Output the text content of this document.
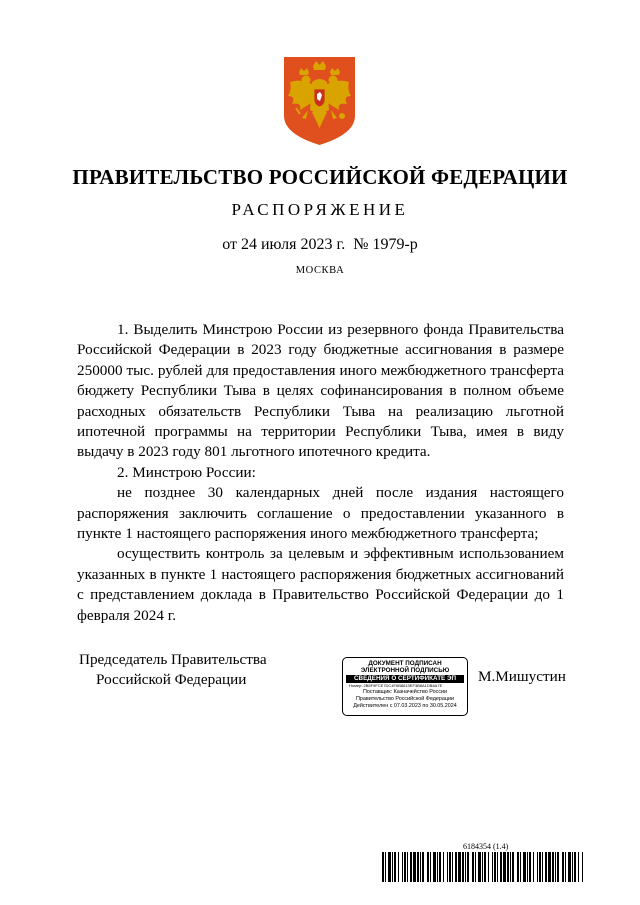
ПРАВИТЕЛЬСТВО РОССИЙСКОЙ ФЕДЕРАЦИИ
РАСПОРЯЖЕНИЕ
от 24 июля 2023 г. № 1979-р
МОСКВА

1. Выделить Минстрою России из резервного фонда Правительства Российской Федерации в 2023 году бюджетные ассигнования в размере 250000 тыс. рублей для предоставления иного межбюджетного трансферта бюджету Республики Тыва в целях софинансирования в полном объеме расходных обязательств Республики Тыва на реализацию льготной ипотечной программы на территории Республики Тыва, имея в виду выдачу в 2023 году 801 льготного ипотечного кредита.

2. Минстрою России:

не позднее 30 календарных дней после издания настоящего распоряжения заключить соглашение о предоставлении указанного в пункте 1 настоящего распоряжения иного межбюджетного трансферта;

осуществить контроль за целевым и эффективным использованием указанных в пункте 1 настоящего распоряжения бюджетных ассигнований с представлением доклада в Правительство Российской Федерации до 1 февраля 2024 г.

Председатель Правительства
Российской Федерации
ДОКУМЕНТ ПОДПИСАН
ЭЛЕКТРОННОЙ ПОДПИСЬЮ
СВЕДЕНИЯ О СЕРТИФИКАТЕ ЭП
Номер: 2B5F9FCE7DC4F6B8613EF3B8A1DB6A7E
Поставщик: Казначейство России
Правительство Российской Федерации
Действителен с 07.03.2023 по 30.05.2024
М.Мишустин
6184354 (1.4)
